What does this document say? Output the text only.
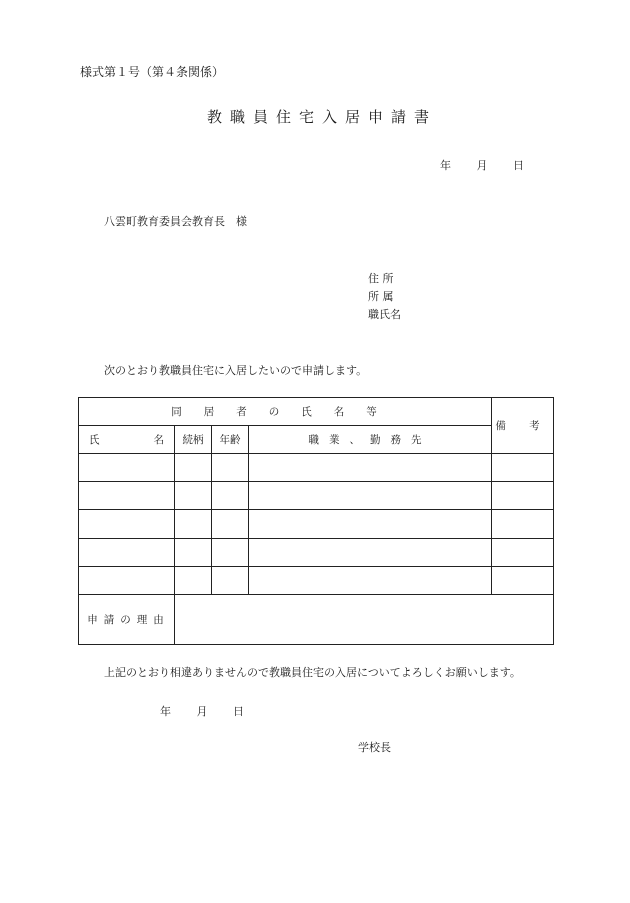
様式第１号（第４条関係）
教職員住宅入居申請書
年 月 日
八雲町教育委員会教育長　様
住 所
所 属
職氏名
次のとおり教職員住宅に入居したいので申請します。
同居者の氏名等				備 考
氏　　　名	続柄	年齢	職業、勤務先	

申請の理由				
上記のとおり相違ありませんので教職員住宅の入居についてよろしくお願いします。
年 月 日
学校長
